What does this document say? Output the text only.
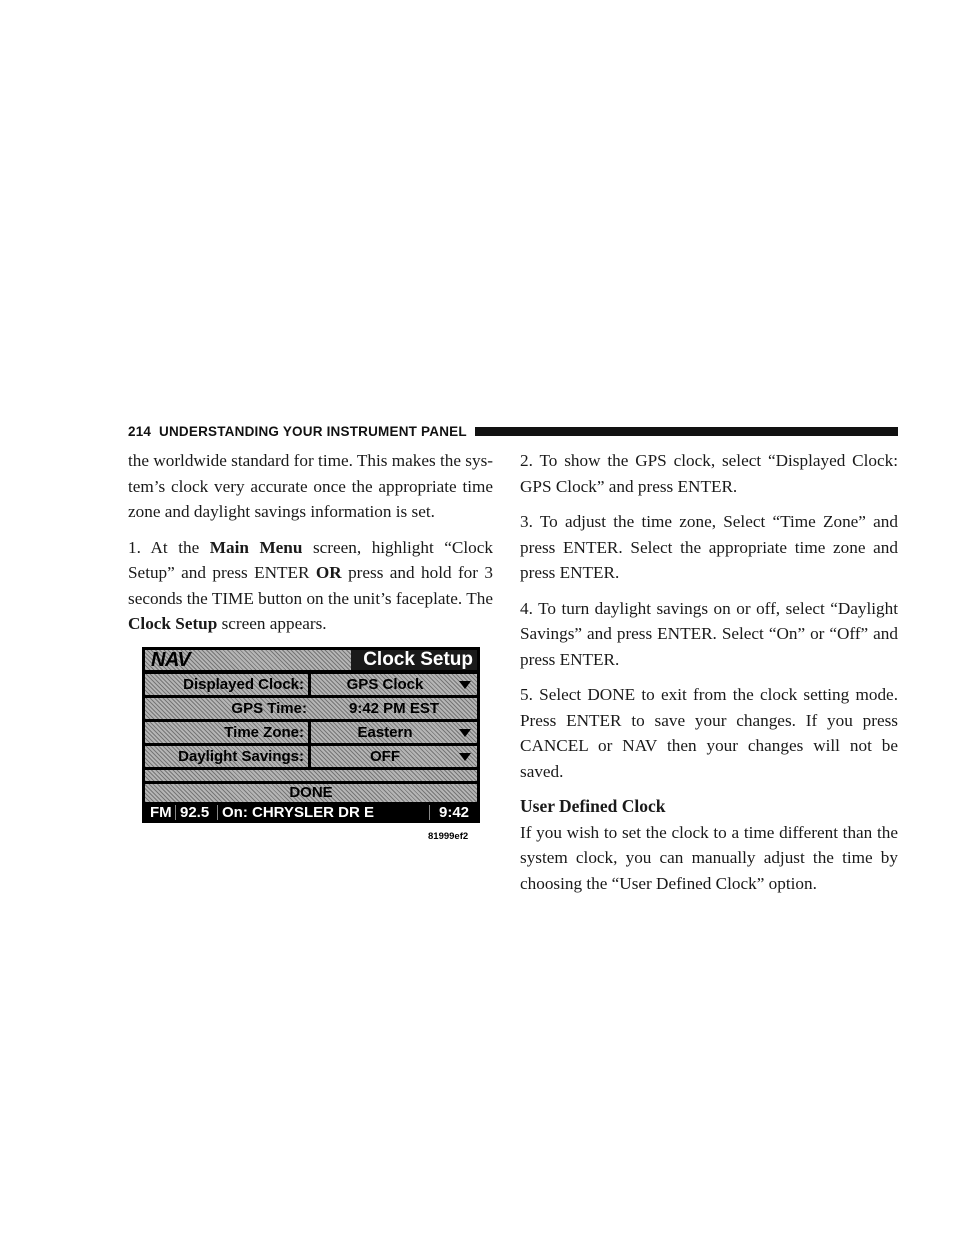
214 UNDERSTANDING YOUR INSTRUMENT PANEL

the worldwide standard for time. This makes the sys- tem’s clock very accurate once the appropriate time zone and daylight savings information is set.

1. At the Main Menu screen, highlight “Clock Setup” and press ENTER OR press and hold for 3 seconds the TIME button on the unit’s faceplate. The Clock Setup screen appears.

NAV	Clock Setup
Displayed Clock:	GPS Clock
GPS Time:	9:42 PM EST
Time Zone:	Eastern
Daylight Savings:	OFF
DONE
FM 92.5 On: CHRYSLER DR E	9:42
81999ef2

2. To show the GPS clock, select “Displayed Clock: GPS Clock” and press ENTER.

3. To adjust the time zone, Select “Time Zone” and press ENTER. Select the appropriate time zone and press ENTER.

4. To turn daylight savings on or off, select “Daylight Savings” and press ENTER. Select “On” or “Off” and press ENTER.

5. Select DONE to exit from the clock setting mode. Press ENTER to save your changes. If you press CANCEL or NAV then your changes will not be saved.

User Defined Clock

If you wish to set the clock to a time different than the system clock, you can manually adjust the time by choosing the “User Defined Clock” option.
